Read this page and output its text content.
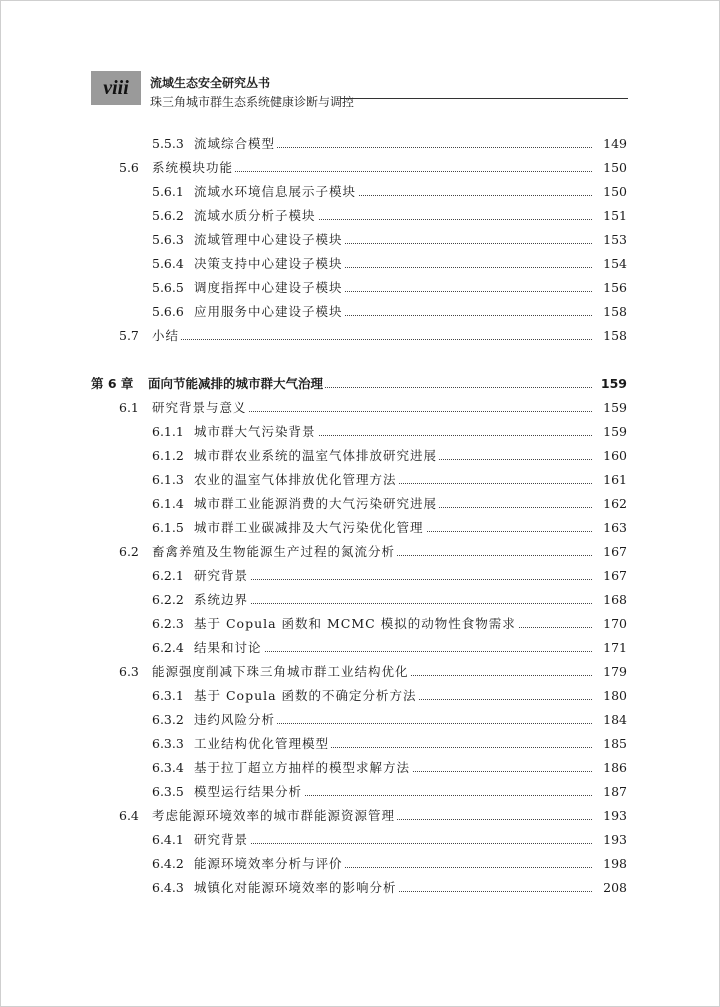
viii 流域生态安全研究丛书
珠三角城市群生态系统健康诊断与调控
5.5.3 流域综合模型	149
5.6 系统模块功能	150
5.6.1 流域水环境信息展示子模块	150
5.6.2 流域水质分析子模块	151
5.6.3 流域管理中心建设子模块	153
5.6.4 决策支持中心建设子模块	154
5.6.5 调度指挥中心建设子模块	156
5.6.6 应用服务中心建设子模块	158
5.7 小结	158
第 6 章 面向节能减排的城市群大气治理	159
6.1 研究背景与意义	159
6.1.1 城市群大气污染背景	159
6.1.2 城市群农业系统的温室气体排放研究进展	160
6.1.3 农业的温室气体排放优化管理方法	161
6.1.4 城市群工业能源消费的大气污染研究进展	162
6.1.5 城市群工业碳减排及大气污染优化管理	163
6.2 畜禽养殖及生物能源生产过程的氮流分析	167
6.2.1 研究背景	167
6.2.2 系统边界	168
6.2.3 基于 Copula 函数和 MCMC 模拟的动物性食物需求	170
6.2.4 结果和讨论	171
6.3 能源强度削减下珠三角城市群工业结构优化	179
6.3.1 基于 Copula 函数的不确定分析方法	180
6.3.2 违约风险分析	184
6.3.3 工业结构优化管理模型	185
6.3.4 基于拉丁超立方抽样的模型求解方法	186
6.3.5 模型运行结果分析	187
6.4 考虑能源环境效率的城市群能源资源管理	193
6.4.1 研究背景	193
6.4.2 能源环境效率分析与评价	198
6.4.3 城镇化对能源环境效率的影响分析	208
